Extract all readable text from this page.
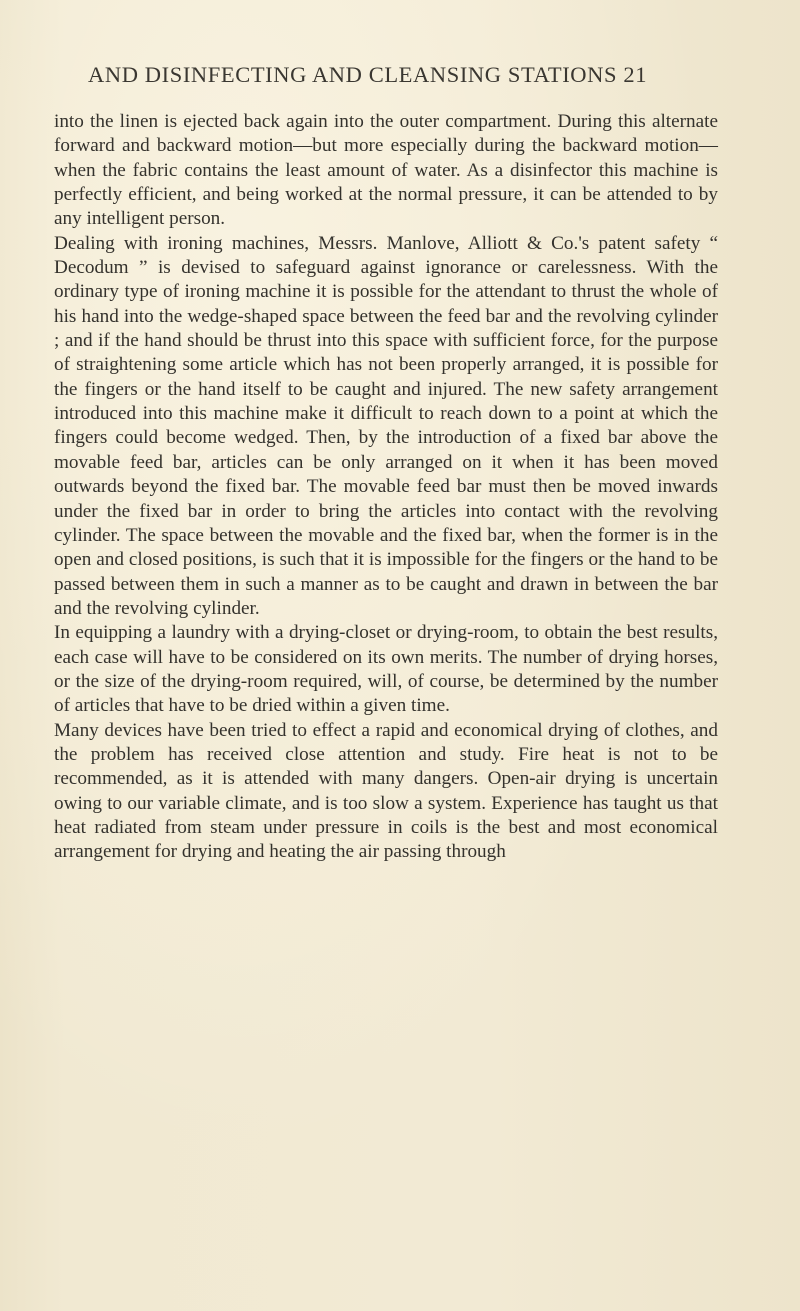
AND DISINFECTING AND CLEANSING STATIONS 21

into the linen is ejected back again into the outer compartment. During this alternate forward and backward motion—but more especially during the backward motion—when the fabric contains the least amount of water. As a disinfector this machine is perfectly efficient, and being worked at the normal pressure, it can be attended to by any intelligent person.

Dealing with ironing machines, Messrs. Manlove, Alliott & Co.'s patent safety “ Decodum ” is devised to safeguard against ignorance or carelessness. With the ordinary type of ironing machine it is possible for the attendant to thrust the whole of his hand into the wedge-shaped space between the feed bar and the revolving cylinder ; and if the hand should be thrust into this space with sufficient force, for the purpose of straightening some article which has not been properly arranged, it is possible for the fingers or the hand itself to be caught and injured. The new safety arrangement introduced into this machine make it difficult to reach down to a point at which the fingers could become wedged. Then, by the introduction of a fixed bar above the movable feed bar, articles can be only arranged on it when it has been moved outwards beyond the fixed bar. The movable feed bar must then be moved inwards under the fixed bar in order to bring the articles into contact with the revolving cylinder. The space between the movable and the fixed bar, when the former is in the open and closed positions, is such that it is impossible for the fingers or the hand to be passed between them in such a manner as to be caught and drawn in between the bar and the revolving cylinder.

In equipping a laundry with a drying-closet or drying-room, to obtain the best results, each case will have to be considered on its own merits. The number of drying horses, or the size of the drying-room required, will, of course, be determined by the number of articles that have to be dried within a given time.

Many devices have been tried to effect a rapid and economical drying of clothes, and the problem has received close attention and study. Fire heat is not to be recommended, as it is attended with many dangers. Open-air drying is uncertain owing to our variable climate, and is too slow a system. Experience has taught us that heat radiated from steam under pressure in coils is the best and most economical arrangement for drying and heating the air passing through
